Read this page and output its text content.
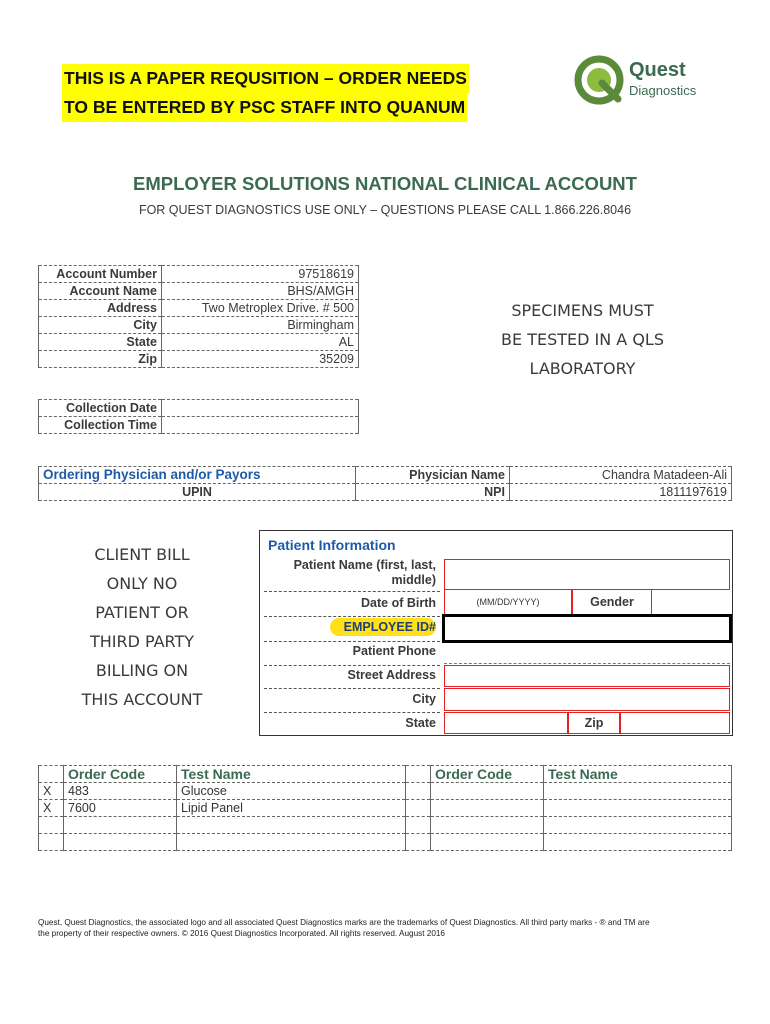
THIS IS A PAPER REQUSITION – ORDER NEEDS
TO BE ENTERED BY PSC STAFF INTO QUANUM
Quest
Diagnostics
EMPLOYER SOLUTIONS NATIONAL CLINICAL ACCOUNT
FOR QUEST DIAGNOSTICS USE ONLY – QUESTIONS PLEASE CALL 1.866.226.8046
Account Number	97518619
Account Name	BHS/AMGH
Address	Two Metroplex Drive. # 500
City	Birmingham
State	AL
Zip	35209
SPECIMENS MUST
BE TESTED IN A QLS
LABORATORY
Collection Date	
Collection Time	
Ordering Physician and/or Payors	Physician Name	Chandra Matadeen-Ali
UPIN	NPI	1811197619
CLIENT BILL
ONLY NO
PATIENT OR
THIRD PARTY
BILLING ON
THIS ACCOUNT
Patient Information
Patient Name (first, last,
middle)
Date of Birth	(MM/DD/YYYY)	Gender
EMPLOYEE ID#
Patient Phone
Street Address
City
State	Zip
	Order Code	Test Name		Order Code	Test Name
X	483	Glucose			
X	7600	Lipid Panel			

Quest, Quest Diagnostics, the associated logo and all associated Quest Diagnostics marks are the trademarks of Quest Diagnostics. All third party marks - ® and TM are
the property of their respective owners. © 2016 Quest Diagnostics Incorporated. All rights reserved. August 2016
